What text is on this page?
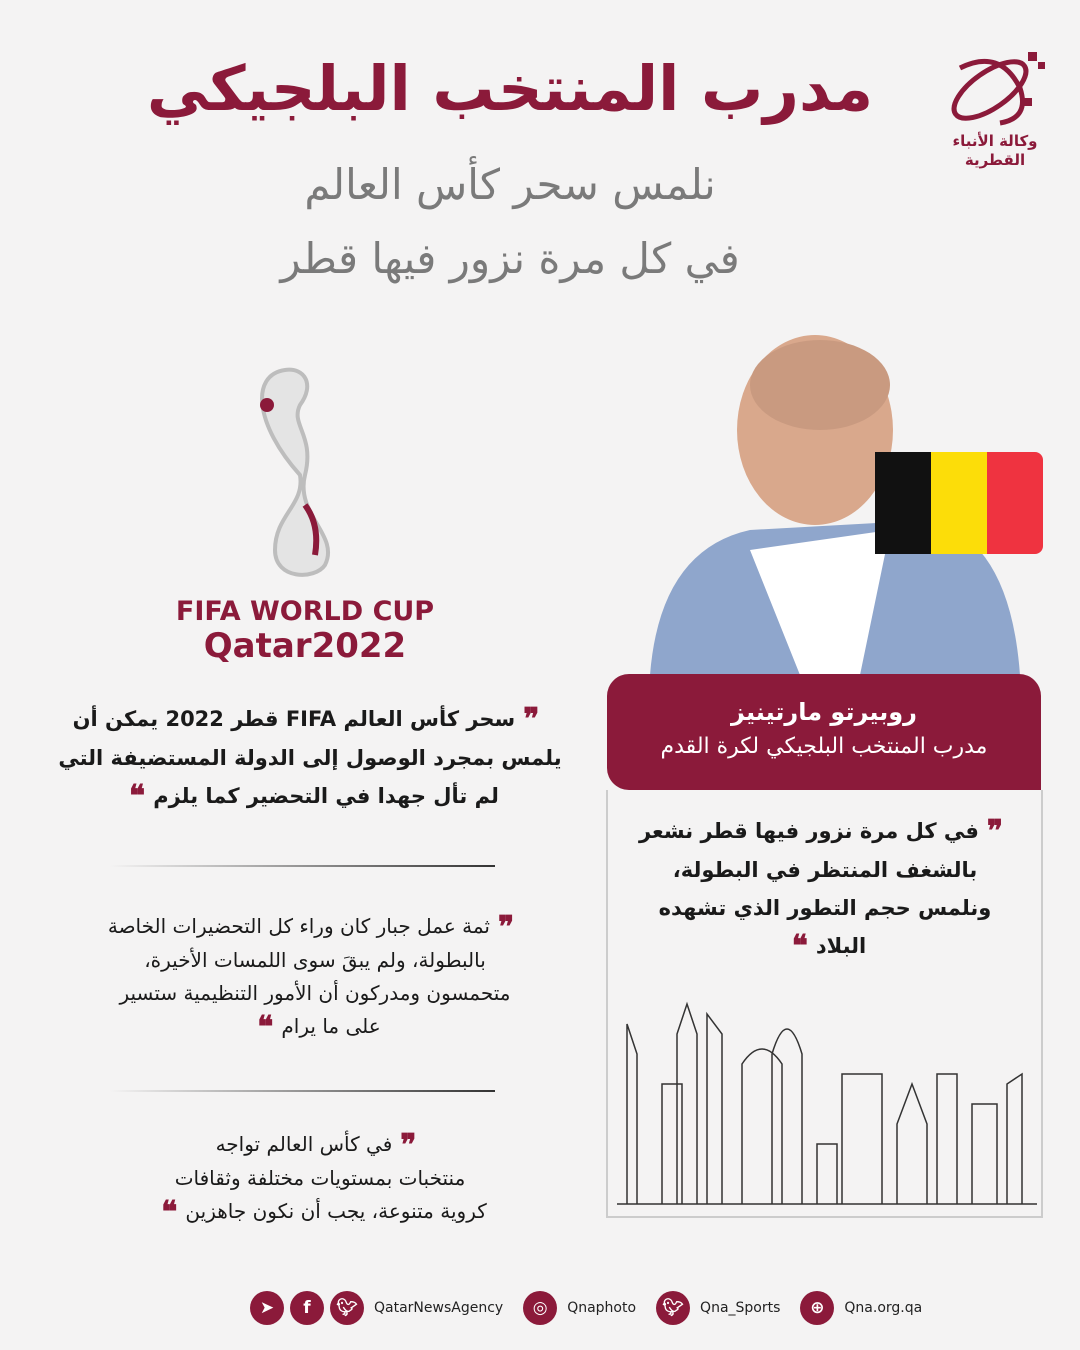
مدرب المنتخب البلجيكي
نلمس سحر كأس العالم
في كل مرة نزور فيها قطر
وكالة الأنباء
القطرية
FIFA WORLD CUP
Qatar2022
روبيرتو مارتينيز
مدرب المنتخب البلجيكي لكرة القدم
❞في كل مرة نزور فيها قطر نشعر
بالشغف المنتظر في البطولة،
ونلمس حجم التطور الذي تشهده
البلاد❝
❞سحر كأس العالم FIFA قطر 2022 يمكن أن
يلمس بمجرد الوصول إلى الدولة المستضيفة التي
لم تأل جهدا في التحضير كما يلزم❝
❞ثمة عمل جبار كان وراء كل التحضيرات الخاصة
بالبطولة، ولم يبقَ سوى اللمسات الأخيرة،
متحمسون ومدركون أن الأمور التنظيمية ستسير
على ما يرام❝
❞في كأس العالم تواجه
منتخبات بمستويات مختلفة وثقافات
كروية متنوعة، يجب أن نكون جاهزين❝
➤	f	🐦︎	QatarNewsAgency	◎	Qnaphoto	🐦︎	Qna_Sports	⊕	Qna.org.qa
